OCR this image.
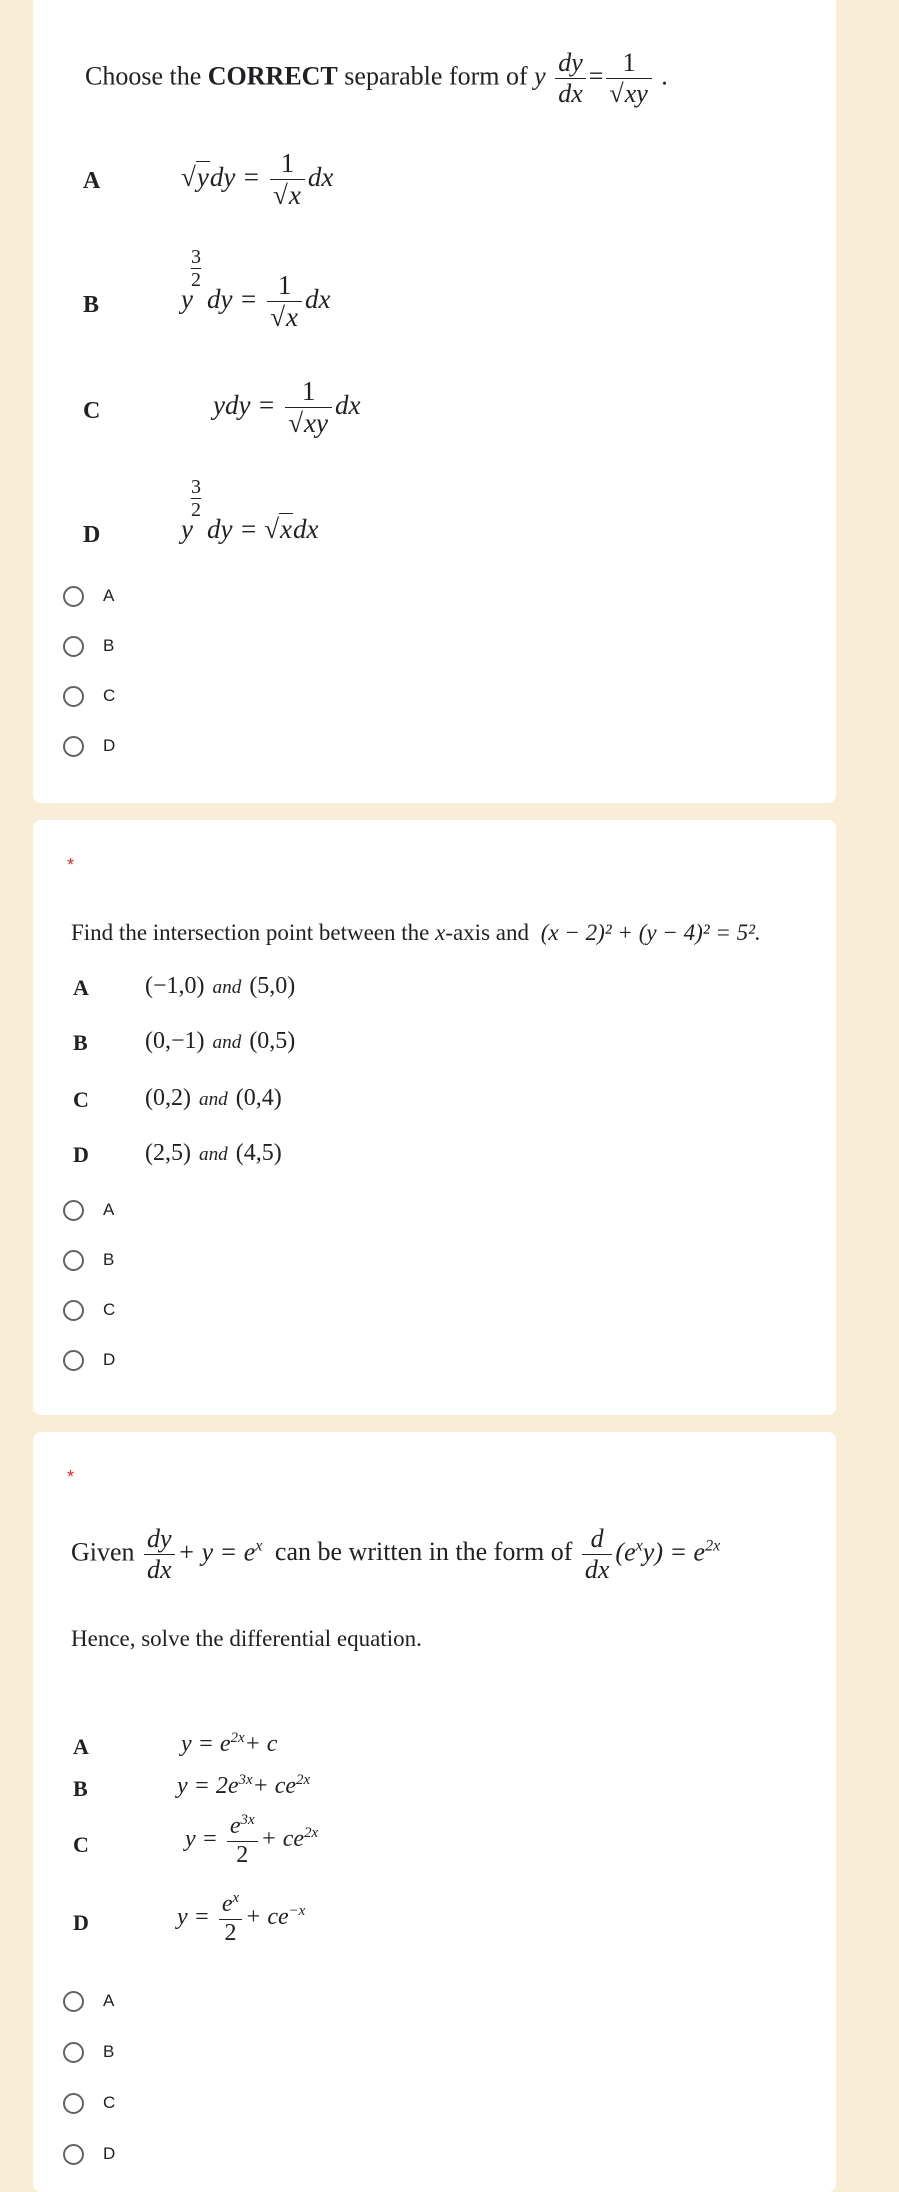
Choose the CORRECT separable form of y $\frac{dy}{dx} = \frac{1}{√xy}$ .
A	$√ydy = \frac{1}{√x}$ dx
B	y
$\frac{3}{2}$
dy = $\frac{1}{√x}$ dx
C	ydy = $\frac{1}{√xy}$ dx
D	y
$\frac{3}{2}$
dy = √xdx
A
B
C
D
*
Find the intersection point between the x-axis and (x − 2)² + (y − 4)² = 5².
A (−1,0) and (5,0)
B (0,−1) and (0,5)
C (0,2) and (0,4)
D (2,5) and (4,5)
A
B
C
D
*
Given $\frac{dy}{dx} + y = e^x$ can be written in the form of $\frac{d}{dx} (e^xy) = e^{2x}$
Hence, solve the differential equation.
A	$y = e^{2x}+ c$
B	$y = 2e^{3x}+ ce^{2x}$
C	$y = \frac{e^{3x}}{2} + ce^{2x}$
D	$y = \frac{e^x}{2} + ce^{-x}$
A
B
C
D
